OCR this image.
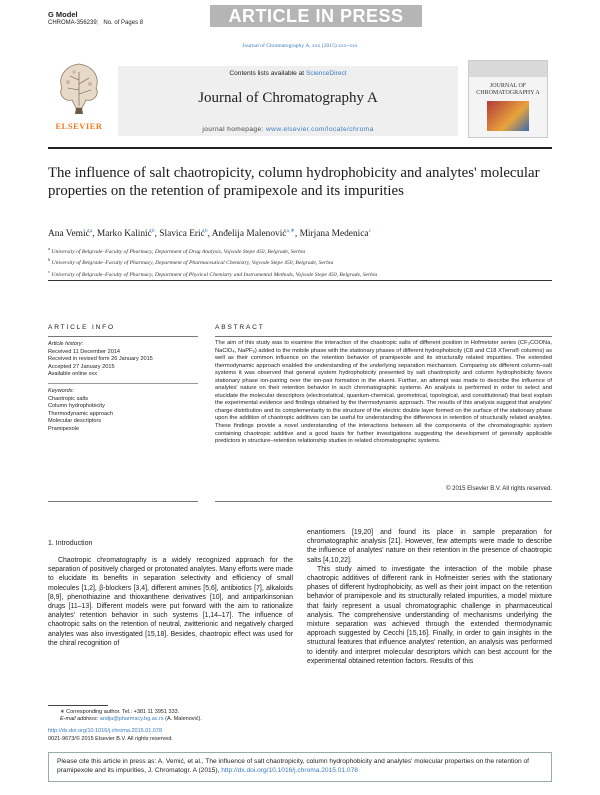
G Model
CHROMA-356239; No. of Pages 8	ARTICLE IN PRESS
Journal of Chromatography A, xxx (2015) xxx–xxx
ELSEVIER
Contents lists available at ScienceDirect
Journal of Chromatography A
journal homepage: www.elsevier.com/locate/chroma
JOURNAL OF CHROMATOGRAPHY A
The influence of salt chaotropicity, column hydrophobicity and analytes' molecular properties on the retention of pramipexole and its impurities
Ana Vemić$^a$, Marko Kalinić$^b$, Slavica Erić$^b$, Anđelija Malenović$^{a,∗}$, Mirjana Medenica$^c$
$^a$ University of Belgrade–Faculty of Pharmacy, Department of Drug Analysis, Vojvode Stepe 450, Belgrade, Serbia
$^b$ University of Belgrade–Faculty of Pharmacy, Department of Pharmaceutical Chemistry, Vojvode Stepe 450, Belgrade, Serbia
$^c$ University of Belgrade–Faculty of Pharmacy, Department of Physical Chemistry and Instrumental Methods, Vojvode Stepe 450, Belgrade, Serbia
ARTICLE INFO
Article history:
Received 11 December 2014
Received in revised form 26 January 2015
Accepted 27 January 2015
Available online xxx
Keywords:
Chaotropic salts
Column hydrophobicity
Thermodynamic approach
Molecular descriptors
Pramipexole
ABSTRACT
The aim of this study was to examine the interaction of the chaotropic salts of different position in Hofmeister series (CF₃COONa, NaClO₄, NaPF₆) added to the mobile phase with the stationary phases of different hydrophobicity (C8 and C18 XTerra® columns) as well as their common influence on the retention behavior of pramipexole and its structurally related impurities. The extended thermodynamic approach enabled the understanding of the underlying separation mechanism. Comparing six different column–salt systems it was observed that general system hydrophobicity presented by salt chaotropicity and column hydrophobicity favors stationary phase ion-pairing over the ion-pair formation in the eluent. Further, an attempt was made to describe the influence of analytes' nature on their retention behavior in such chromatographic systems. An analysis is performed in order to select and elucidate the molecular descriptors (electrostatical, quantum-chemical, geometrical, topological, and constitutional) that best explain the experimental evidence and findings obtained by the thermodynamic approach. The results of this analysis suggest that analytes' charge distribution and its complementarity to the structure of the electric double layer formed on the surface of the stationary phase upon the addition of chaotropic additives can be useful for understanding the differences in retention of structurally related analytes. These findings provide a novel understanding of the interactions between all the components of the chromatographic system containing chaotropic additive and a good basis for further investigations suggesting the development of generally applicable predictors in structure–retention relationship studies in related chromatographic systems.
© 2015 Elsevier B.V. All rights reserved.
1. Introduction
Chaotropic chromatography is a widely recognized approach for the separation of positively charged or protonated analytes. Many efforts were made to elucidate its benefits in separation selectivity and efficiency of small molecules [1,2], β-blockers [3,4], different amines [5,6], antibiotics [7], alkaloids [8,9], phenothiazine and thioxanthene derivatives [10], and antiparkinsonian drugs [11–13]. Different models were put forward with the aim to rationalize analytes' retention behavior in such systems [1,14–17]. The influence of chaotropic salts on the retention of neutral, zwitterionic and negatively charged analytes was also investigated [15,18]. Besides, chaotropic effect was used for the chiral recognition of

enantiomers [19,20] and found its place in sample preparation for chromatographic analysis [21]. However, few attempts were made to describe the influence of analytes' nature on their retention in the presence of chaotropic salts [4,10,22].

This study aimed to investigate the interaction of the mobile phase chaotropic additives of different rank in Hofmeister series with the stationary phases of different hydrophobicity, as well as their joint impact on the retention behavior of pramipexole and its structurally related impurities, a model mixture that fairly represent a usual chromatographic challenge in pharmaceutical analysis. The comprehensive understanding of mechanisms underlying the mixture separation was achieved through the extended thermodynamic approach suggested by Cecchi [15,16]. Finally, in order to gain insights in the structural features that influence analytes' retention, an analysis was performed to identify and interpret molecular descriptors which can best account for the experimental obtained retention factors. Results of this

∗ Corresponding author. Tel.: +381 11 3951 333.
E-mail address: andja@pharmacy.bg.ac.rs (A. Malenović).
http://dx.doi.org/10.1016/j.chroma.2015.01.078
0021-9673/© 2015 Elsevier B.V. All rights reserved.
Please cite this article in press as: A. Vemić, et al., The influence of salt chaotropicity, column hydrophobicity and analytes' molecular properties on the retention of pramipexole and its impurities, J. Chromatogr. A (2015), http://dx.doi.org/10.1016/j.chroma.2015.01.078
